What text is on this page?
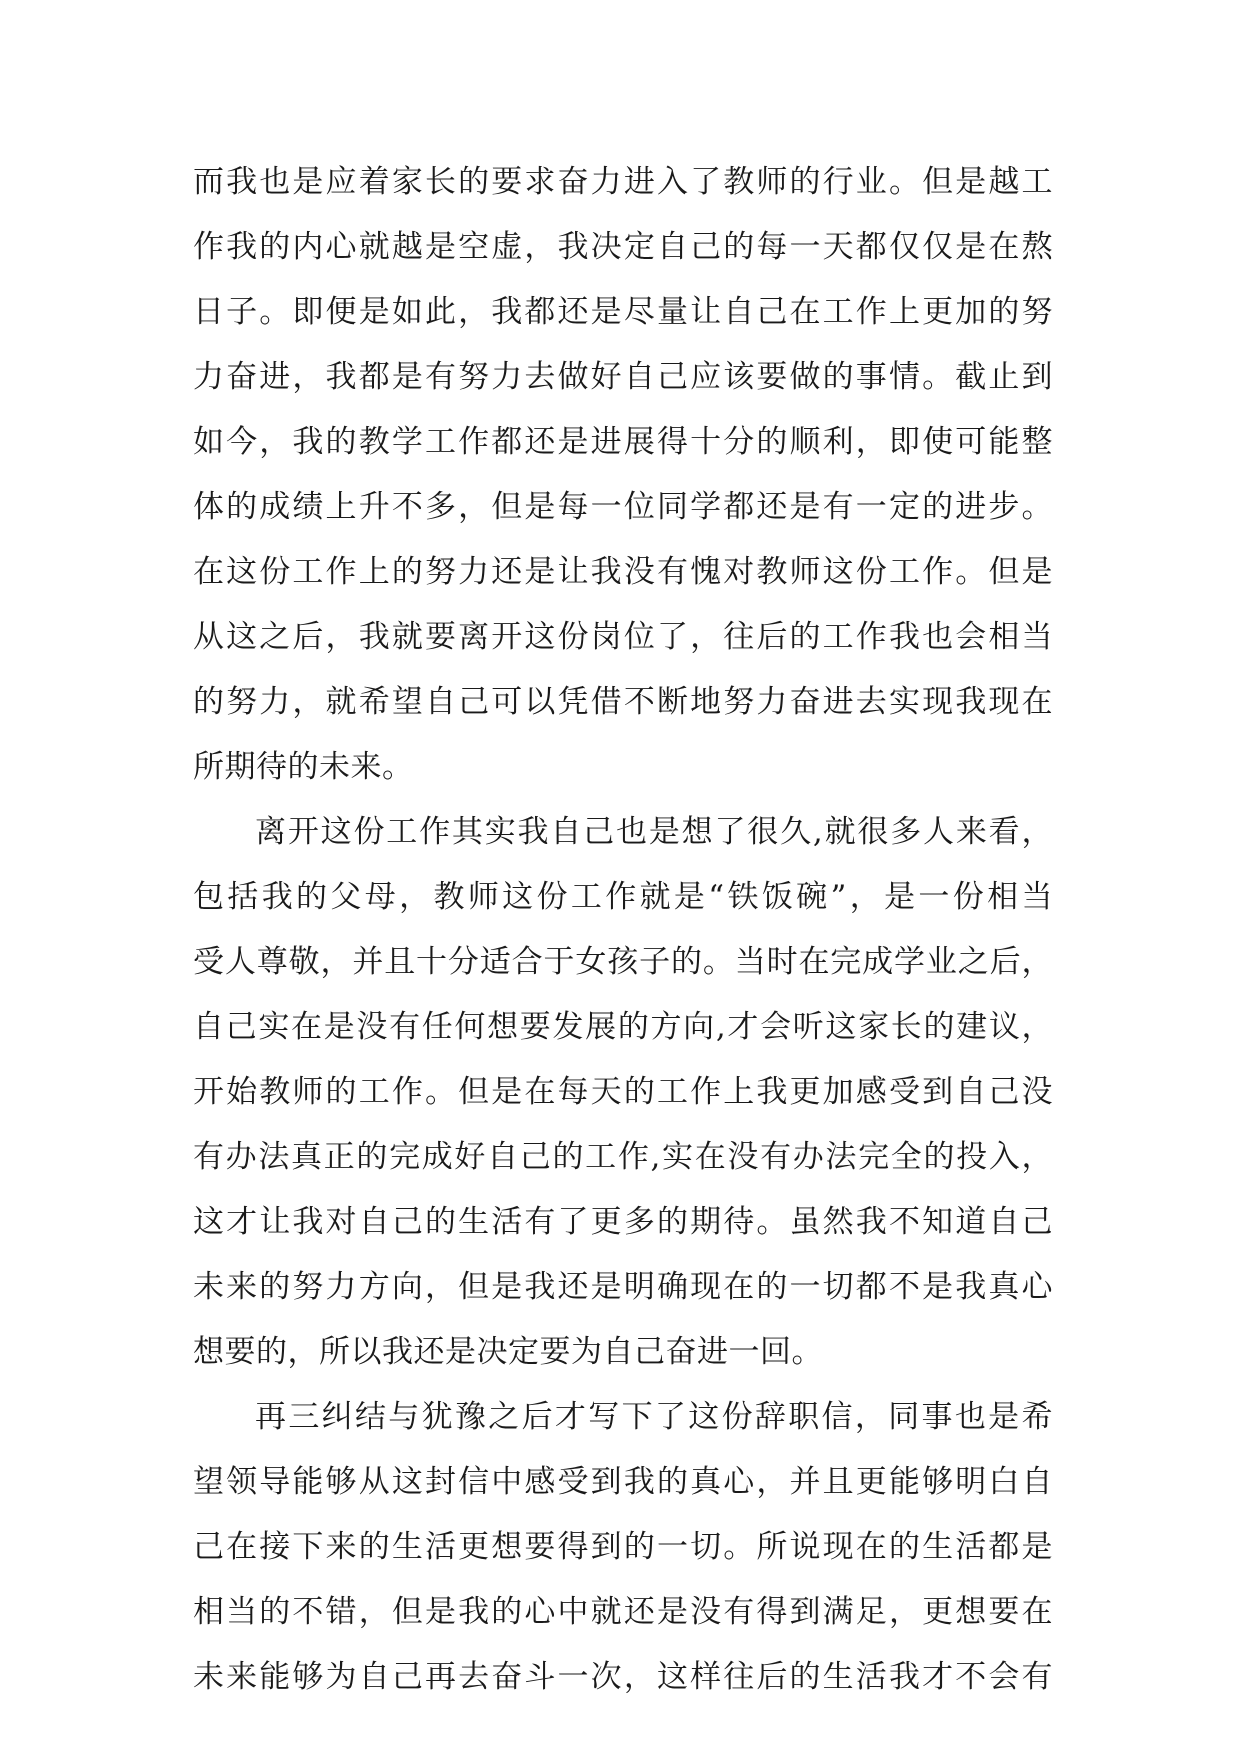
而我也是应着家长的要求奋力进入了教师的行业。但是越工
作我的内心就越是空虚，我决定自己的每一天都仅仅是在熬
日子。即便是如此，我都还是尽量让自己在工作上更加的努
力奋进，我都是有努力去做好自己应该要做的事情。截止到
如今，我的教学工作都还是进展得十分的顺利，即使可能整
体的成绩上升不多，但是每一位同学都还是有一定的进步。
在这份工作上的努力还是让我没有愧对教师这份工作。但是
从这之后，我就要离开这份岗位了，往后的工作我也会相当
的努力，就希望自己可以凭借不断地努力奋进去实现我现在
所期待的未来。
离开这份工作其实我自己也是想了很久,就很多人来看，
包括我的父母，教师这份工作就是“铁饭碗”，是一份相当
受人尊敬，并且十分适合于女孩子的。当时在完成学业之后，
自己实在是没有任何想要发展的方向,才会听这家长的建议，
开始教师的工作。但是在每天的工作上我更加感受到自己没
有办法真正的完成好自己的工作,实在没有办法完全的投入，
这才让我对自己的生活有了更多的期待。虽然我不知道自己
未来的努力方向，但是我还是明确现在的一切都不是我真心
想要的，所以我还是决定要为自己奋进一回。
再三纠结与犹豫之后才写下了这份辞职信，同事也是希
望领导能够从这封信中感受到我的真心，并且更能够明白自
己在接下来的生活更想要得到的一切。所说现在的生活都是
相当的不错，但是我的心中就还是没有得到满足，更想要在
未来能够为自己再去奋斗一次，这样往后的生活我才不会有
